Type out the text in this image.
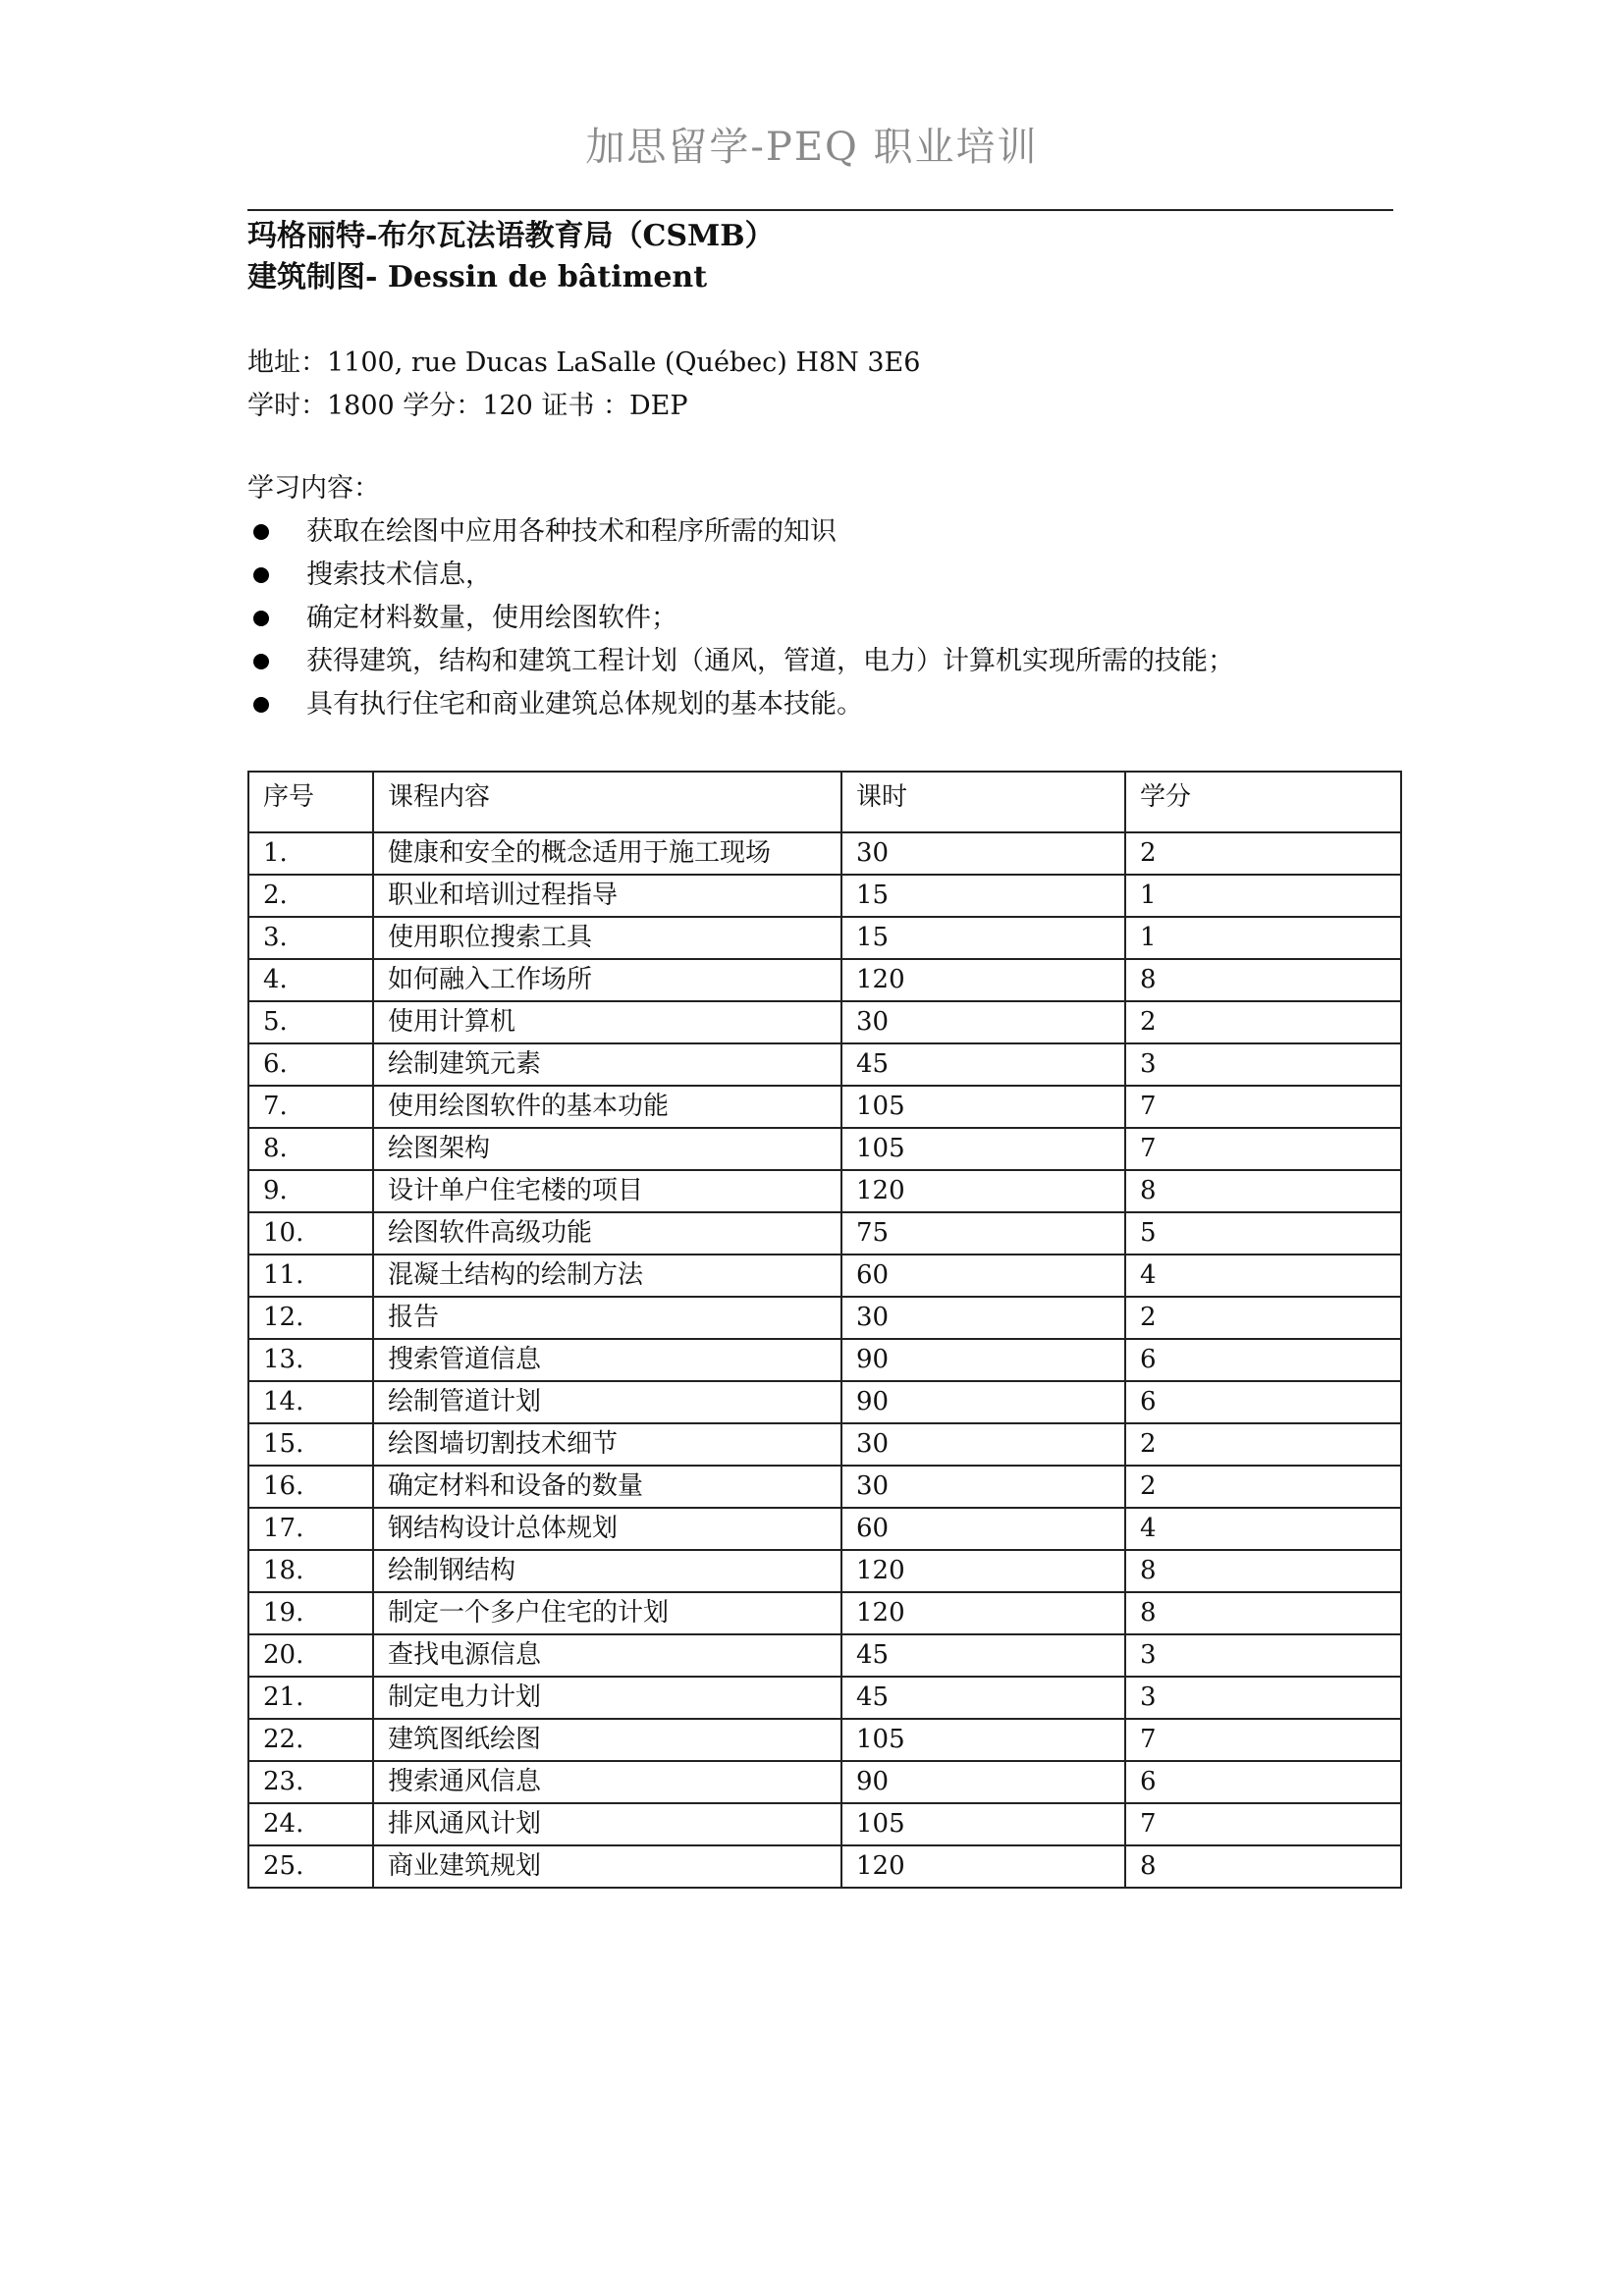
加思留学-PEQ 职业培训
玛格丽特-布尔瓦法语教育局（CSMB）
建筑制图- Dessin de bâtiment
地址：1100, rue Ducas LaSalle (Québec) H8N 3E6
学时：1800 学分：120 证书 ：DEP
学习内容：
获取在绘图中应用各种技术和程序所需的知识
搜索技术信息，
确定材料数量，使用绘图软件；
获得建筑，结构和建筑工程计划（通风，管道，电力）计算机实现所需的技能；
具有执行住宅和商业建筑总体规划的基本技能。
序号	课程内容	课时	学分
1.	健康和安全的概念适用于施工现场	30	2
2.	职业和培训过程指导	15	1
3.	使用职位搜索工具	15	1
4.	如何融入工作场所	120	8
5.	使用计算机	30	2
6.	绘制建筑元素	45	3
7.	使用绘图软件的基本功能	105	7
8.	绘图架构	105	7
9.	设计单户住宅楼的项目	120	8
10.	绘图软件高级功能	75	5
11.	混凝土结构的绘制方法	60	4
12.	报告	30	2
13.	搜索管道信息	90	6
14.	绘制管道计划	90	6
15.	绘图墙切割技术细节	30	2
16.	确定材料和设备的数量	30	2
17.	钢结构设计总体规划	60	4
18.	绘制钢结构	120	8
19.	制定一个多户住宅的计划	120	8
20.	查找电源信息	45	3
21.	制定电力计划	45	3
22.	建筑图纸绘图	105	7
23.	搜索通风信息	90	6
24.	排风通风计划	105	7
25.	商业建筑规划	120	8
